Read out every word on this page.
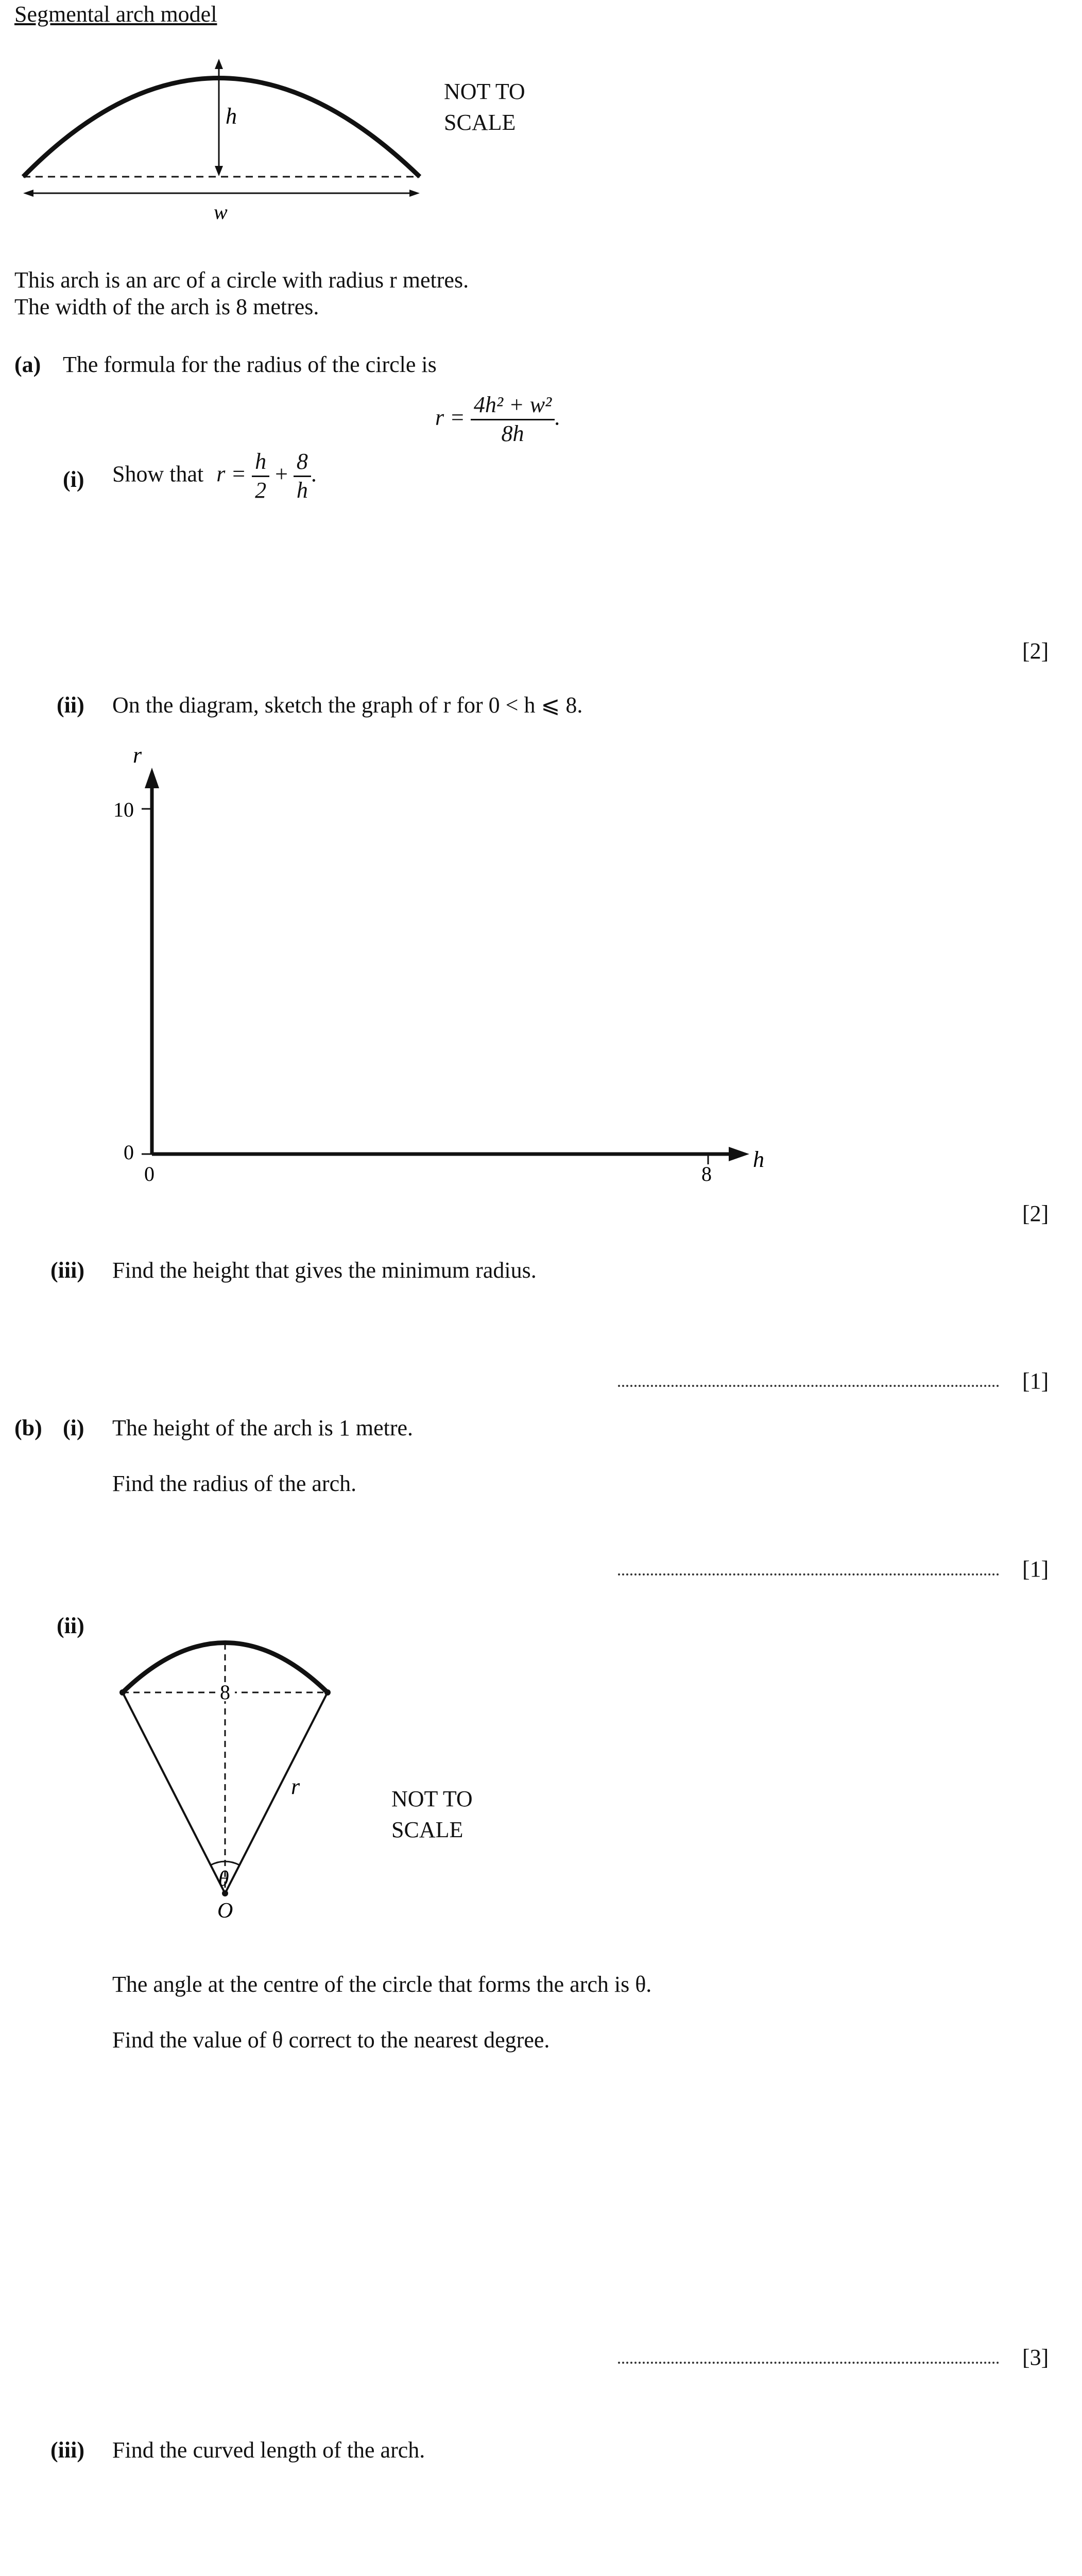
Segmental arch model
h
w
NOT TO
SCALE
This arch is an arc of a circle with radius r metres.
The width of the arch is 8 metres.
(a) The formula for the radius of the circle is
$r = \frac{\text{4h² + w²}}{8h}$ .
(i) Show that $r = \frac{h}{2} + \frac{8}{h}$ .
[2]
(ii) On the diagram, sketch the graph of r for 0 < h ⩽ 8.
r
10
0
0	8
h
[2]
(iii) Find the height that gives the minimum radius.
[1]
(b) (i) The height of the arch is 1 metre.
Find the radius of the arch.
[1]
(ii)
8
r
θ
O
NOT TO
SCALE
The angle at the centre of the circle that forms the arch is θ.
Find the value of θ correct to the nearest degree.
[3]
(iii) Find the curved length of the arch.
